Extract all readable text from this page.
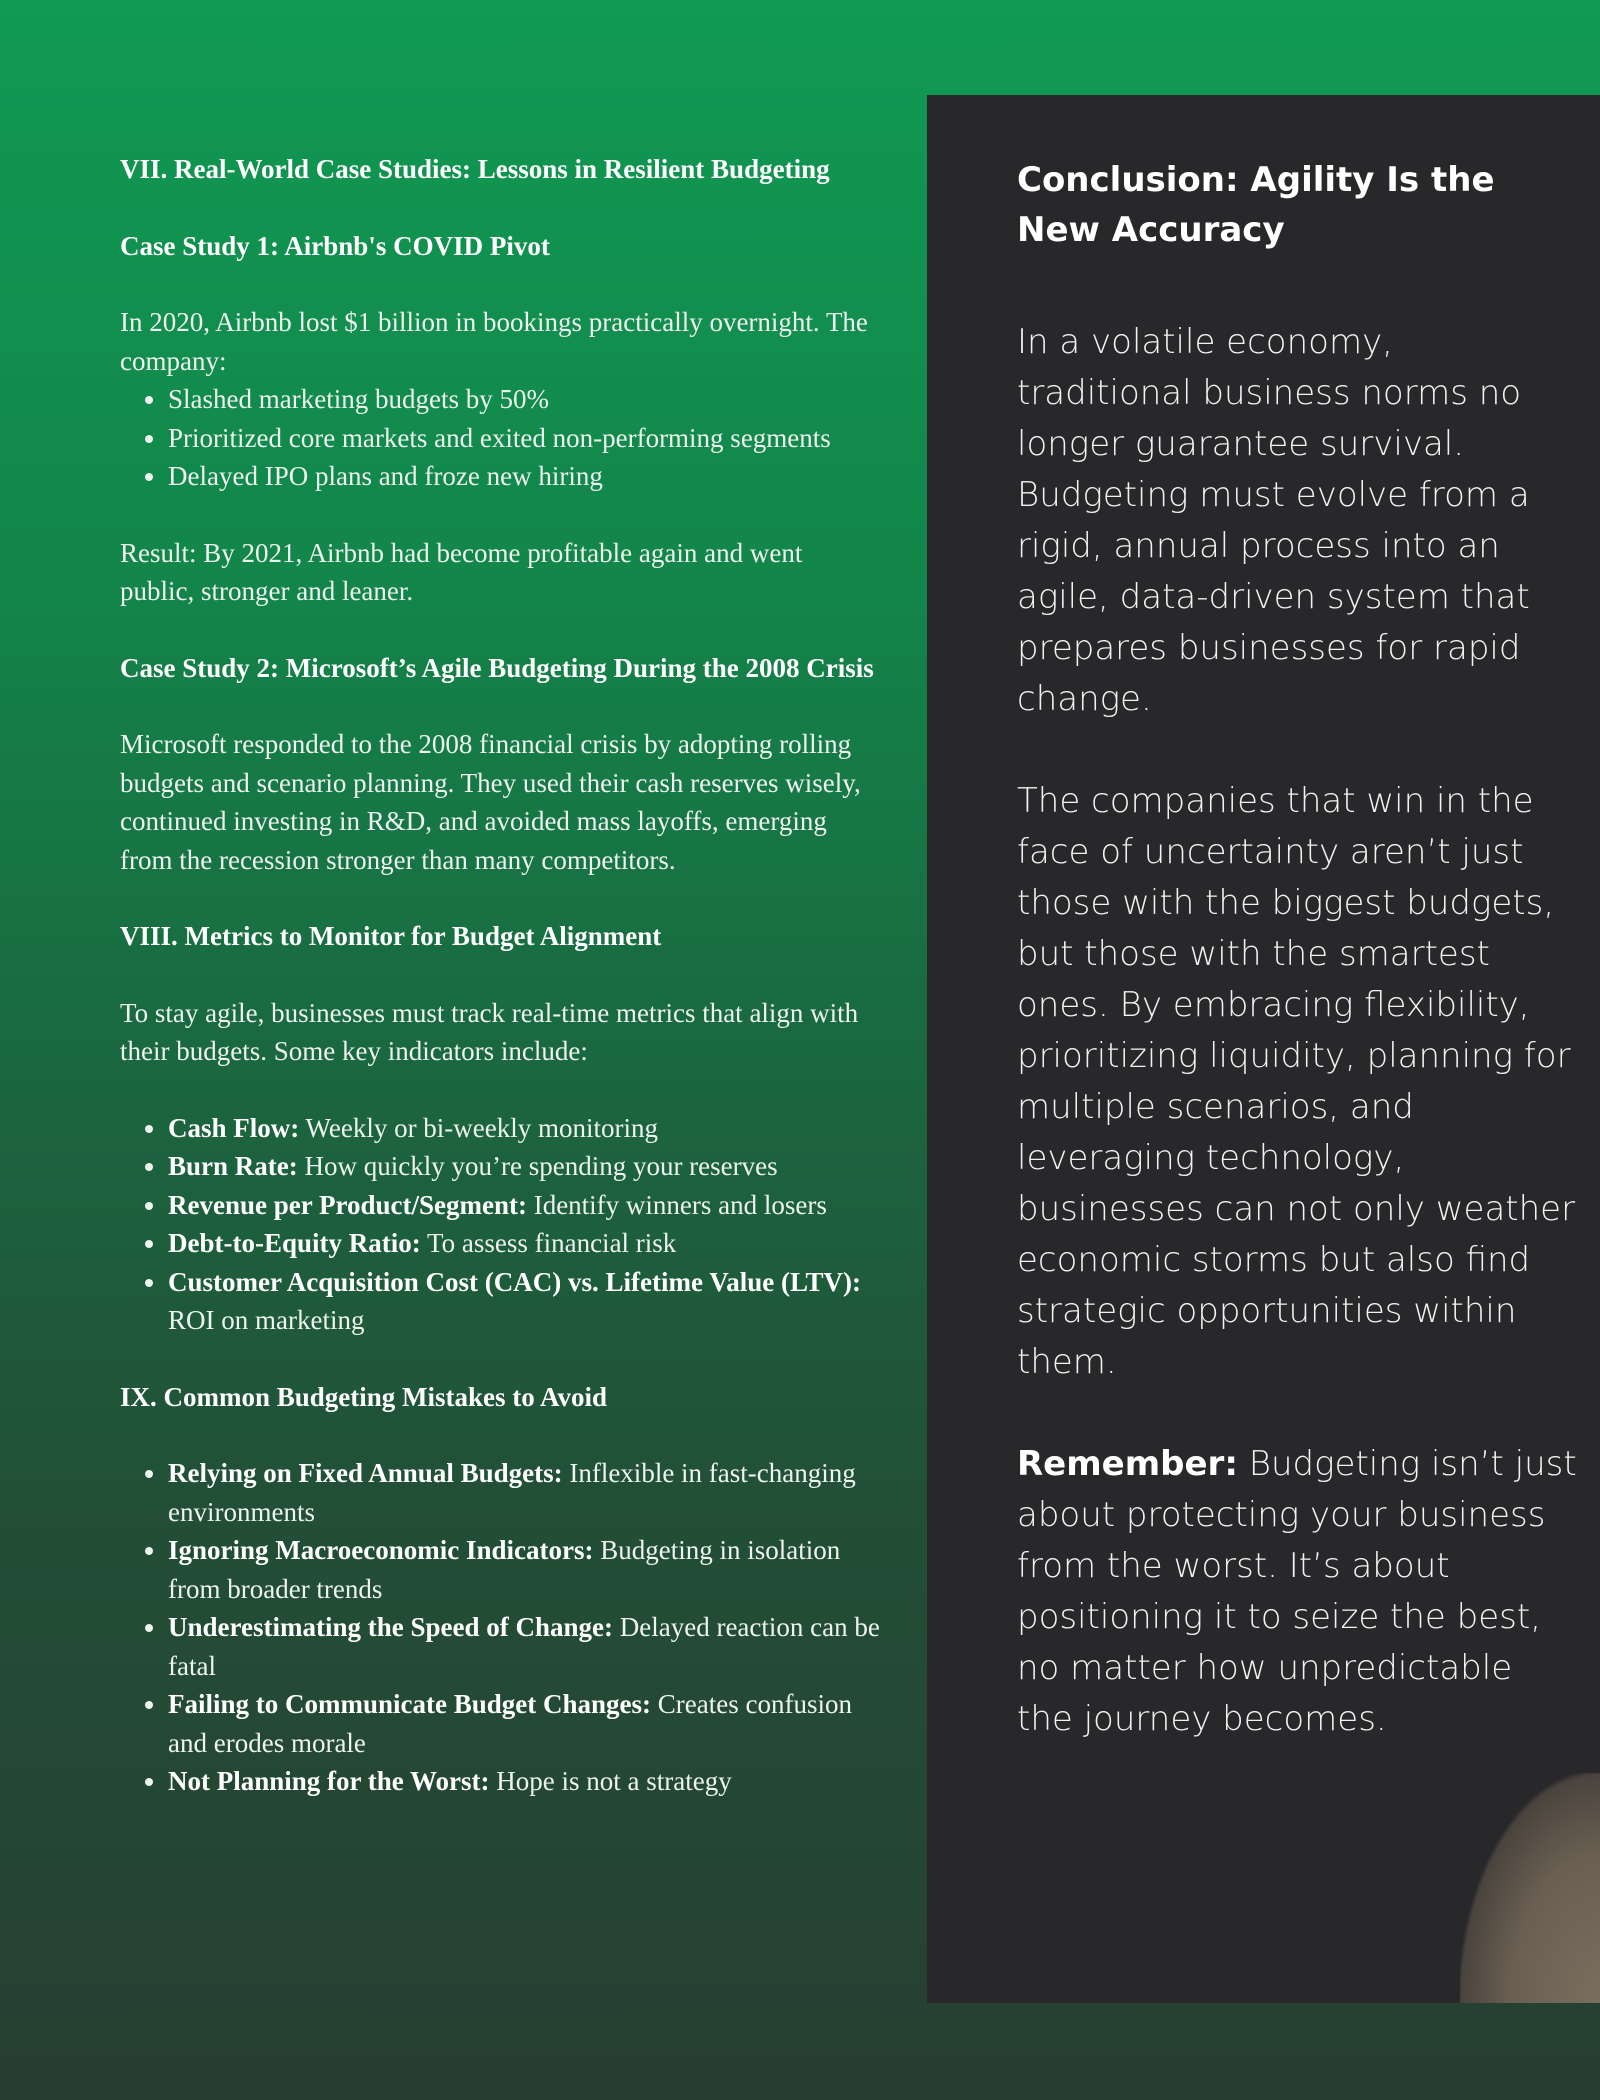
VII. Real-World Case Studies: Lessons in Resilient Budgeting
Case Study 1: Airbnb's COVID Pivot
In 2020, Airbnb lost $1 billion in bookings practically overnight. The company:
• Slashed marketing budgets by 50%
• Prioritized core markets and exited non-performing segments
• Delayed IPO plans and froze new hiring
Result: By 2021, Airbnb had become profitable again and went public, stronger and leaner.
Case Study 2: Microsoft’s Agile Budgeting During the 2008 Crisis
Microsoft responded to the 2008 financial crisis by adopting rolling budgets and scenario planning. They used their cash reserves wisely, continued investing in R&D, and avoided mass layoffs, emerging from the recession stronger than many competitors.
VIII. Metrics to Monitor for Budget Alignment
To stay agile, businesses must track real-time metrics that align with their budgets. Some key indicators include:
• Cash Flow: Weekly or bi-weekly monitoring
• Burn Rate: How quickly you’re spending your reserves
• Revenue per Product/Segment: Identify winners and losers
• Debt-to-Equity Ratio: To assess financial risk
• Customer Acquisition Cost (CAC) vs. Lifetime Value (LTV): ROI on marketing
IX. Common Budgeting Mistakes to Avoid
• Relying on Fixed Annual Budgets: Inflexible in fast-changing environments
• Ignoring Macroeconomic Indicators: Budgeting in isolation from broader trends
• Underestimating the Speed of Change: Delayed reaction can be fatal
• Failing to Communicate Budget Changes: Creates confusion and erodes morale
• Not Planning for the Worst: Hope is not a strategy
Conclusion: Agility Is the New Accuracy
In a volatile economy, traditional business norms no longer guarantee survival. Budgeting must evolve from a rigid, annual process into an agile, data-driven system that prepares businesses for rapid change.
The companies that win in the face of uncertainty aren’t just those with the biggest budgets, but those with the smartest ones. By embracing flexibility, prioritizing liquidity, planning for multiple scenarios, and leveraging technology, businesses can not only weather economic storms but also find strategic opportunities within them.
Remember: Budgeting isn’t just about protecting your business from the worst. It’s about positioning it to seize the best, no matter how unpredictable the journey becomes.
